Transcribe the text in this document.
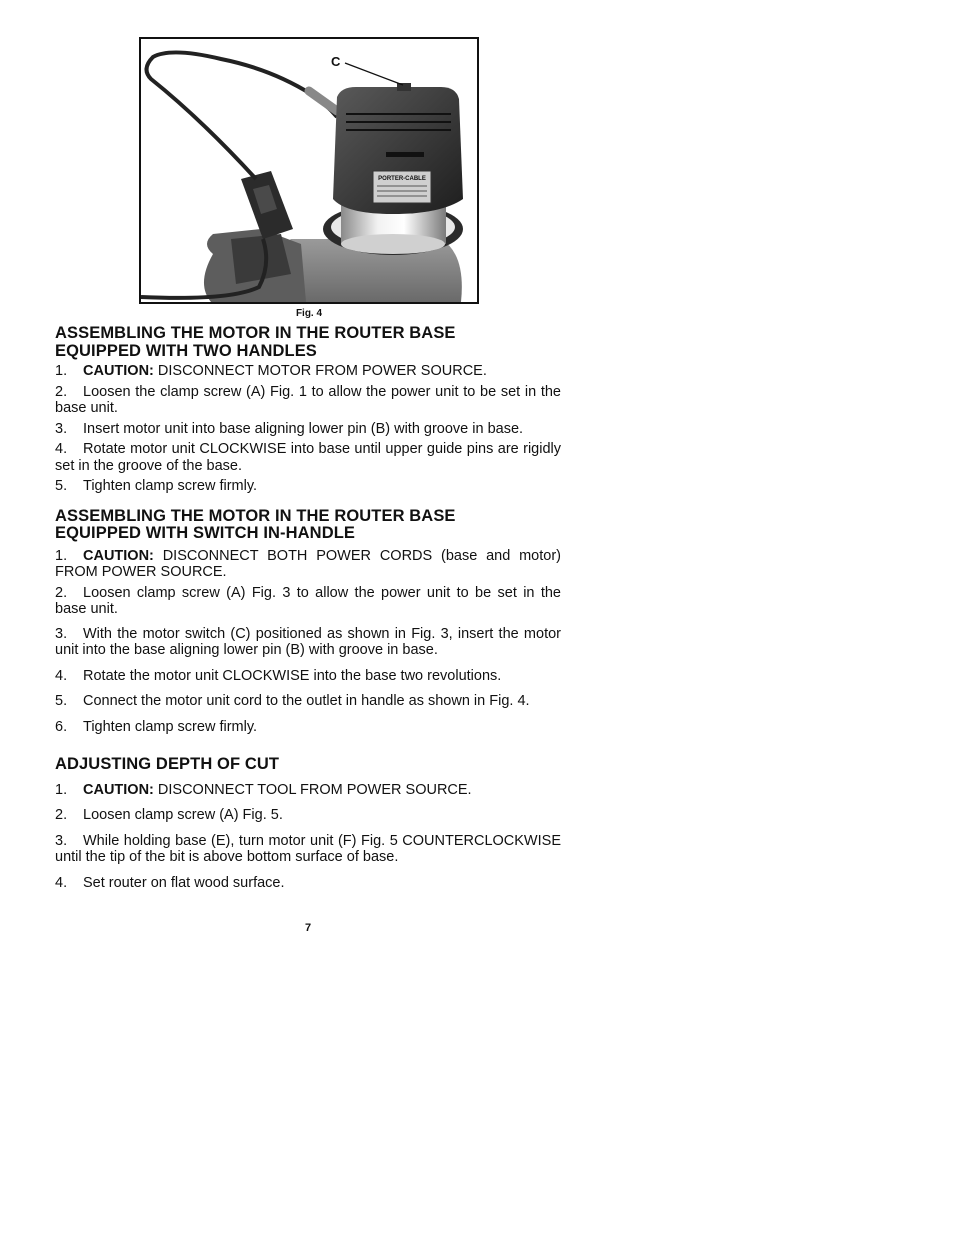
PORTER-CABLE
C
Fig. 4
ASSEMBLING THE MOTOR IN THE ROUTER BASE
EQUIPPED WITH TWO HANDLES

1. CAUTION: DISCONNECT MOTOR FROM POWER SOURCE.

2. Loosen the clamp screw (A) Fig. 1 to allow the power unit to be set in the base unit.

3. Insert motor unit into base aligning lower pin (B) with groove in base.

4. Rotate motor unit CLOCKWISE into base until upper guide pins are rigidly set in the groove of the base.

5. Tighten clamp screw firmly.

ASSEMBLING THE MOTOR IN THE ROUTER BASE
EQUIPPED WITH SWITCH IN-HANDLE

1. CAUTION: DISCONNECT BOTH POWER CORDS (base and motor) FROM POWER SOURCE.

2. Loosen clamp screw (A) Fig. 3 to allow the power unit to be set in the base unit.

3. With the motor switch (C) positioned as shown in Fig. 3, insert the motor unit into the base aligning lower pin (B) with groove in base.

4. Rotate the motor unit CLOCKWISE into the base two revolutions.

5. Connect the motor unit cord to the outlet in handle as shown in Fig. 4.

6. Tighten clamp screw firmly.

ADJUSTING DEPTH OF CUT

1. CAUTION: DISCONNECT TOOL FROM POWER SOURCE.

2. Loosen clamp screw (A) Fig. 5.

3. While holding base (E), turn motor unit (F) Fig. 5 COUNTERCLOCKWISE until the tip of the bit is above bottom surface of base.

4. Set router on flat wood surface.

7
